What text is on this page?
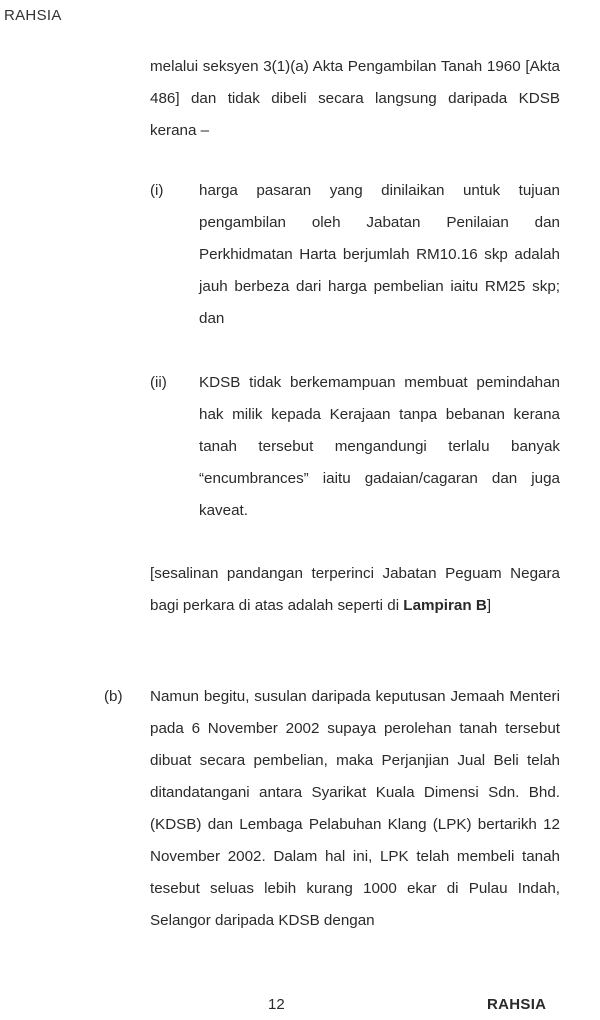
RAHSIA

melalui seksyen 3(1)(a) Akta Pengambilan Tanah 1960 [Akta 486] dan tidak dibeli secara langsung daripada KDSB kerana –

(i) harga pasaran yang dinilaikan untuk tujuan pengambilan oleh Jabatan Penilaian dan Perkhidmatan Harta berjumlah RM10.16 skp adalah jauh berbeza dari harga pembelian iaitu RM25 skp; dan

(ii) KDSB tidak berkemampuan membuat pemindahan hak milik kepada Kerajaan tanpa bebanan kerana tanah tersebut mengandungi terlalu banyak “encumbrances” iaitu gadaian/cagaran dan juga kaveat.

[sesalinan pandangan terperinci Jabatan Peguam Negara bagi perkara di atas adalah seperti di Lampiran B]

(b) Namun begitu, susulan daripada keputusan Jemaah Menteri pada 6 November 2002 supaya perolehan tanah tersebut dibuat secara pembelian, maka Perjanjian Jual Beli telah ditandatangani antara Syarikat Kuala Dimensi Sdn. Bhd. (KDSB) dan Lembaga Pelabuhan Klang (LPK) bertarikh 12 November 2002. Dalam hal ini, LPK telah membeli tanah tesebut seluas lebih kurang 1000 ekar di Pulau Indah, Selangor daripada KDSB dengan

12	RAHSIA
